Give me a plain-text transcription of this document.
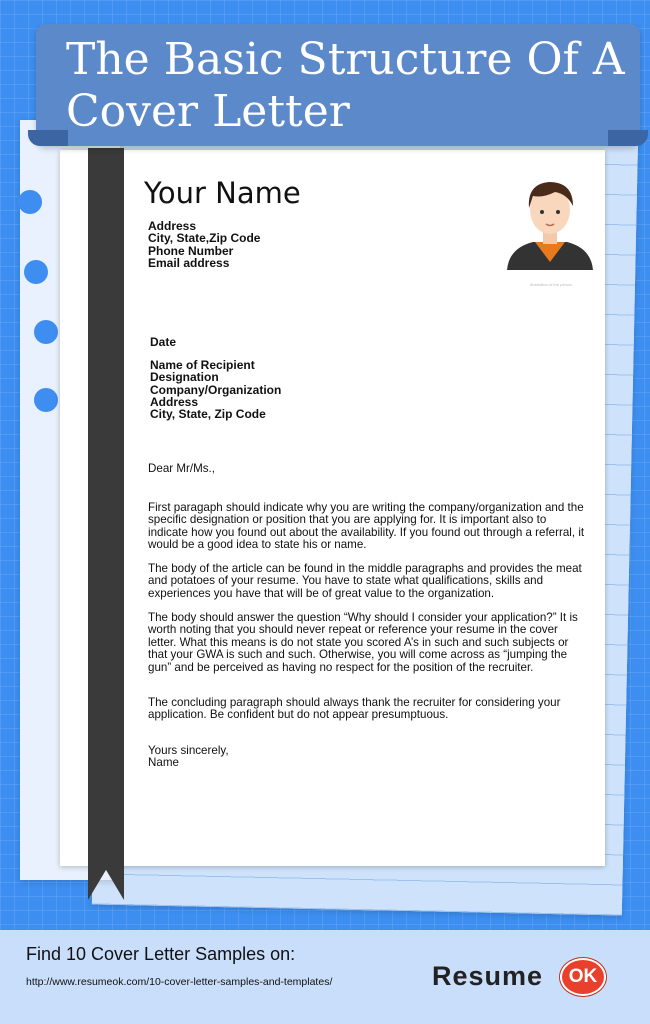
The Basic Structure Of A Cover Letter
Your Name
Address
City, State,Zip Code
Phone Number
Email address
Illustration of the person
Date
Name of Recipient
Designation
Company/Organization
Address
City, State, Zip Code
Dear Mr/Ms.,
First paragaph should indicate why you are writing the company/organization and the specific designation or position that you are applying for. It is important also to indicate how you found out about the availability. If you found out through a referral, it would be a good idea to state his or name.
The body of the article can be found in the middle paragraphs and provides the meat and potatoes of your resume. You have to state what qualifications, skills and experiences you have that will be of great value to the organization.
The body should answer the question “Why should I consider your application?” It is worth noting that you should never repeat or reference your resume in the cover letter. What this means is do not state you scored A’s in such and such subjects or that your GWA is such and such. Otherwise, you will come across as “jumping the gun” and be perceived as having no respect for the position of the recruiter.
The concluding paragraph should always thank the recruiter for considering your application. Be confident but do not appear presumptuous.
Yours sincerely,
Name
Find 10 Cover Letter Samples on:
http://www.resumeok.com/10-cover-letter-samples-and-templates/	Resume	OK
